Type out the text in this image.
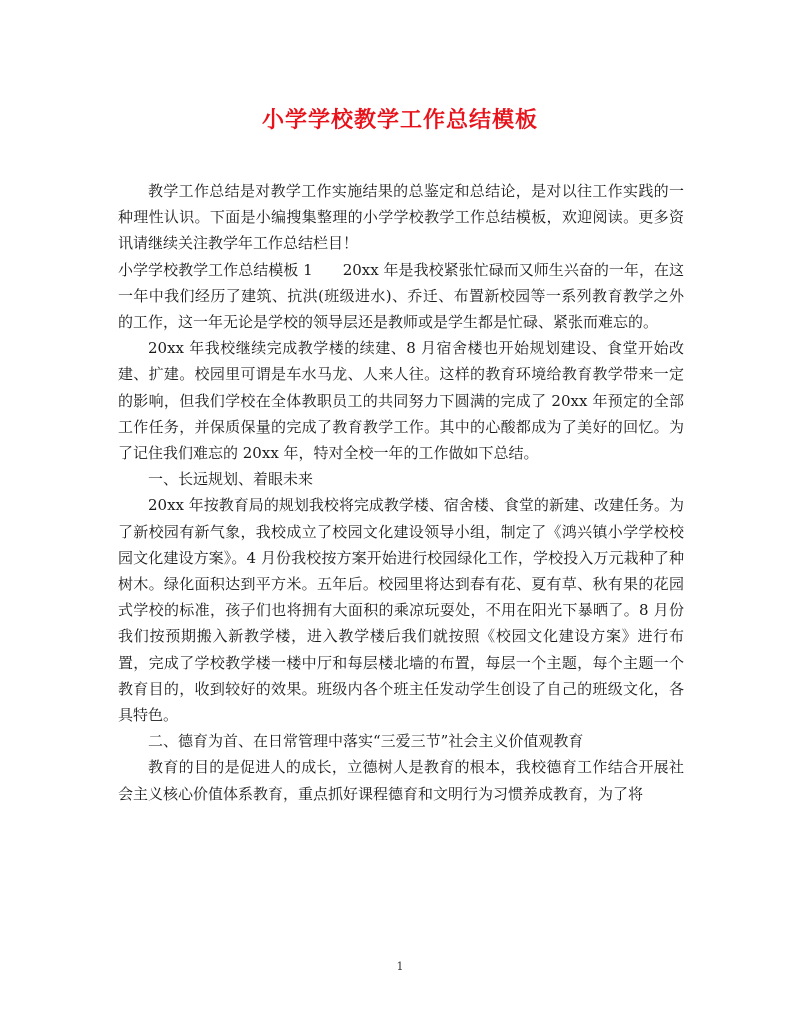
小学学校教学工作总结模板

教学工作总结是对教学工作实施结果的总鉴定和总结论，是对以往工作实践的一种理性认识。下面是小编搜集整理的小学学校教学工作总结模板，欢迎阅读。更多资讯请继续关注教学年工作总结栏目！

小学学校教学工作总结模板 1　　20xx 年是我校紧张忙碌而又师生兴奋的一年，在这一年中我们经历了建筑、抗洪(班级进水)、乔迁、布置新校园等一系列教育教学之外的工作，这一年无论是学校的领导层还是教师或是学生都是忙碌、紧张而难忘的。

20xx 年我校继续完成教学楼的续建、8 月宿舍楼也开始规划建设、食堂开始改建、扩建。校园里可谓是车水马龙、人来人往。这样的教育环境给教育教学带来一定的影响，但我们学校在全体教职员工的共同努力下圆满的完成了 20xx 年预定的全部工作任务，并保质保量的完成了教育教学工作。其中的心酸都成为了美好的回忆。为了记住我们难忘的 20xx 年，特对全校一年的工作做如下总结。

一、长远规划、着眼未来

20xx 年按教育局的规划我校将完成教学楼、宿舍楼、食堂的新建、改建任务。为了新校园有新气象，我校成立了校园文化建设领导小组，制定了《鸿兴镇小学学校校园文化建设方案》。4 月份我校按方案开始进行校园绿化工作，学校投入万元栽种了种树木。绿化面积达到平方米。五年后。校园里将达到春有花、夏有草、秋有果的花园式学校的标准，孩子们也将拥有大面积的乘凉玩耍处，不用在阳光下暴晒了。8 月份我们按预期搬入新教学楼，进入教学楼后我们就按照《校园文化建设方案》进行布置，完成了学校教学楼一楼中厅和每层楼北墙的布置，每层一个主题，每个主题一个教育目的，收到较好的效果。班级内各个班主任发动学生创设了自己的班级文化，各具特色。

二、德育为首、在日常管理中落实“三爱三节”社会主义价值观教育

教育的目的是促进人的成长，立德树人是教育的根本，我校德育工作结合开展社会主义核心价值体系教育，重点抓好课程德育和文明行为习惯养成教育，为了将

1
